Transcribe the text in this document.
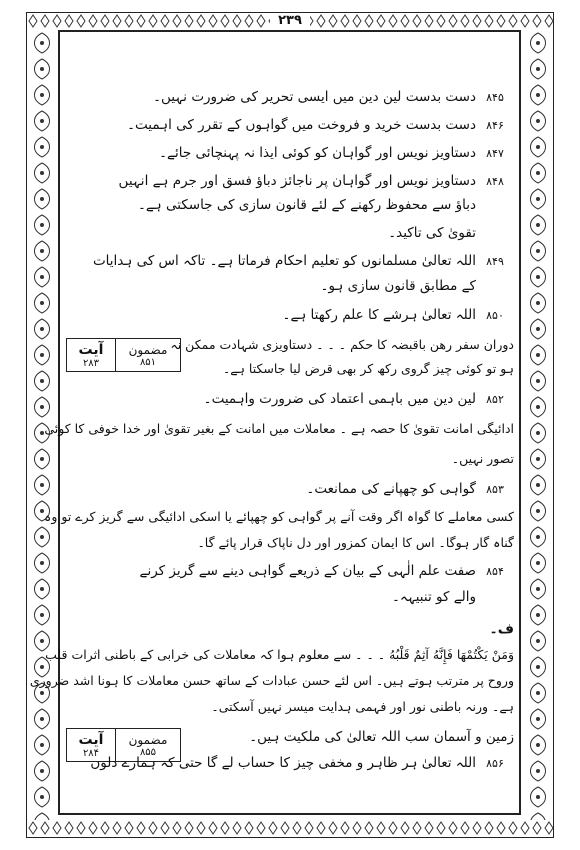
۲۳۹
۸۴۵دست بدست لین دین میں ایسی تحریر کی ضرورت نہیں۔
۸۴۶دست بدست خرید و فروخت میں گواہوں کے تقرر کی اہمیت۔
۸۴۷دستاویز نویس اور گواہان کو کوئی ایذا نہ پہنچائی جائے۔
۸۴۸دستاویز نویس اور گواہان پر ناجائز دباؤ فسق اور جرم ہے انہیں
دباؤ سے محفوظ رکھنے کے لئے قانون سازی کی جاسکتی ہے۔
تقویٰ کی تاکید۔
۸۴۹اللہ تعالیٰ مسلمانوں کو تعلیم احکام فرماتا ہے۔ تاکہ اس کی ہدایات
کے مطابق قانون سازی ہو۔
۸۵۰اللہ تعالیٰ ہرشے کا علم رکھتا ہے۔
آیت
۲۸۳
مضمون
۸۵۱
دوران سفر رھن باقبضہ کا حکم ۔ ۔ ۔ دستاویزی شہادت ممکن نہ
ہو تو کوئی چیز گروی رکھ کر بھی قرض لیا جاسکتا ہے۔
۸۵۲لین دین میں باہمی اعتماد کی ضرورت واہمیت۔
ادائیگی امانت تقویٰ کا حصہ ہے ۔ معاملات میں امانت کے بغیر تقویٰ اور خدا خوفی کا کوئی
تصور نہیں۔
۸۵۳گواہی کو چھپانے کی ممانعت۔
کسی معاملے کا گواہ اگر وقت آنے پر گواہی کو چھپائے یا اسکی ادائیگی سے گریز کرے تو وہ
گناہ گار ہوگا۔ اس کا ایمان کمزور اور دل ناپاک قرار پائے گا۔
۸۵۴صفت علم الٰہی کے بیان کے ذریعے گواہی دینے سے گریز کرنے
والے کو تنبیہہ۔
ف۔
وَمَنْ يَكْتُمْهَا فَإِنَّهُ آثِمٌ قَلْبُهُ ۔ ۔ ۔ سے معلوم ہوا کہ معاملات کی خرابی کے باطنی اثرات قلب
وروح پر مترتب ہوتے ہیں۔ اس لئے حسن عبادات کے ساتھ حسن معاملات کا ہونا اشد ضروری
ہے۔ ورنہ باطنی نور اور فہمی ہدایت میسر نہیں آسکتی۔
آیت
۲۸۴
مضمون
۸۵۵
زمین و آسمان سب اللہ تعالیٰ کی ملکیت ہیں۔
۸۵۶اللہ تعالیٰ ہر ظاہر و مخفی چیز کا حساب لے گا حتی کہ ہمارے دلوں
